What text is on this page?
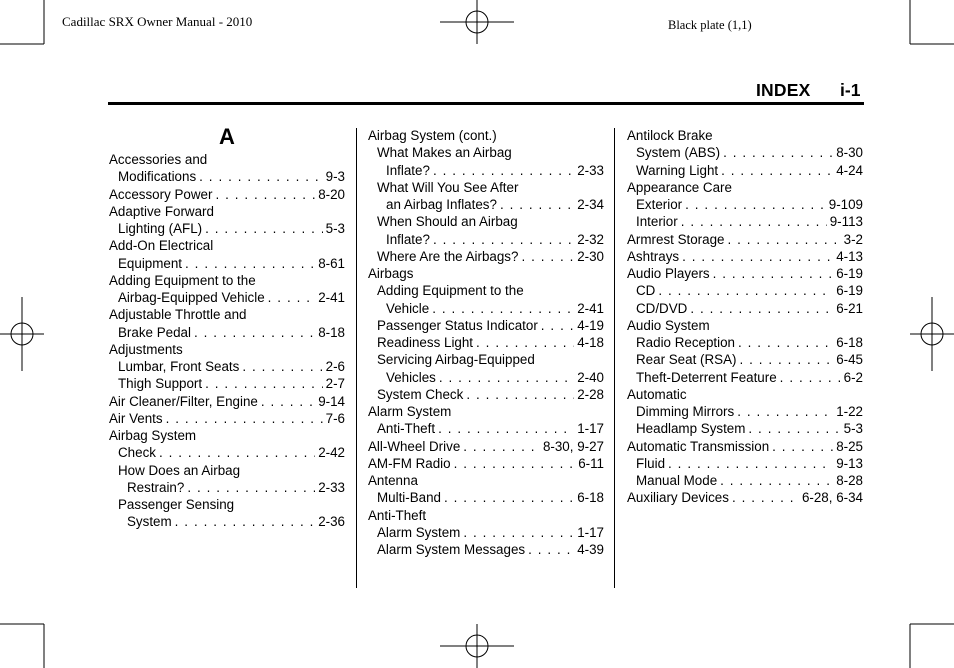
Cadillac SRX Owner Manual - 2010	Black plate (1,1)
INDEX i-1
A
Accessories and
Modifications . . .	9-3
Accessory Power . . .	8-20
Adaptive Forward
Lighting (AFL) . . .	5-3
Add-On Electrical
Equipment . . .	8-61
Adding Equipment to the
Airbag-Equipped Vehicle . . .	2-41
Adjustable Throttle and
Brake Pedal . . .	8-18
Adjustments
Lumbar, Front Seats . . .	2-6
Thigh Support . . .	2-7
Air Cleaner/Filter, Engine . . .	9-14
Air Vents . . .	7-6
Airbag System
Check . . .	2-42
How Does an Airbag
Restrain? . . .	2-33
Passenger Sensing
System . . .	2-36
Airbag System (cont.)
What Makes an Airbag
Inflate? . . .	2-33
What Will You See After
an Airbag Inflates? . . .	2-34
When Should an Airbag
Inflate? . . .	2-32
Where Are the Airbags? . . .	2-30
Airbags
Adding Equipment to the
Vehicle . . .	2-41
Passenger Status Indicator . . .	4-19
Readiness Light . . .	4-18
Servicing Airbag-Equipped
Vehicles . . .	2-40
System Check . . .	2-28
Alarm System
Anti-Theft . . .	1-17
All-Wheel Drive . . .	8-30, 9-27
AM-FM Radio . . .	6-11
Antenna
Multi-Band . . .	6-18
Anti-Theft
Alarm System . . .	1-17
Alarm System Messages . . .	4-39
Antilock Brake
System (ABS) . . .	8-30
Warning Light . . .	4-24
Appearance Care
Exterior . . .	9-109
Interior . . .	9-113
Armrest Storage . . .	3-2
Ashtrays . . .	4-13
Audio Players . . .	6-19
CD . . .	6-19
CD/DVD . . .	6-21
Audio System
Radio Reception . . .	6-18
Rear Seat (RSA) . . .	6-45
Theft-Deterrent Feature . . .	6-2
Automatic
Dimming Mirrors . . .	1-22
Headlamp System . . .	5-3
Automatic Transmission . . .	8-25
Fluid . . .	9-13
Manual Mode . . .	8-28
Auxiliary Devices . . .	6-28, 6-34
